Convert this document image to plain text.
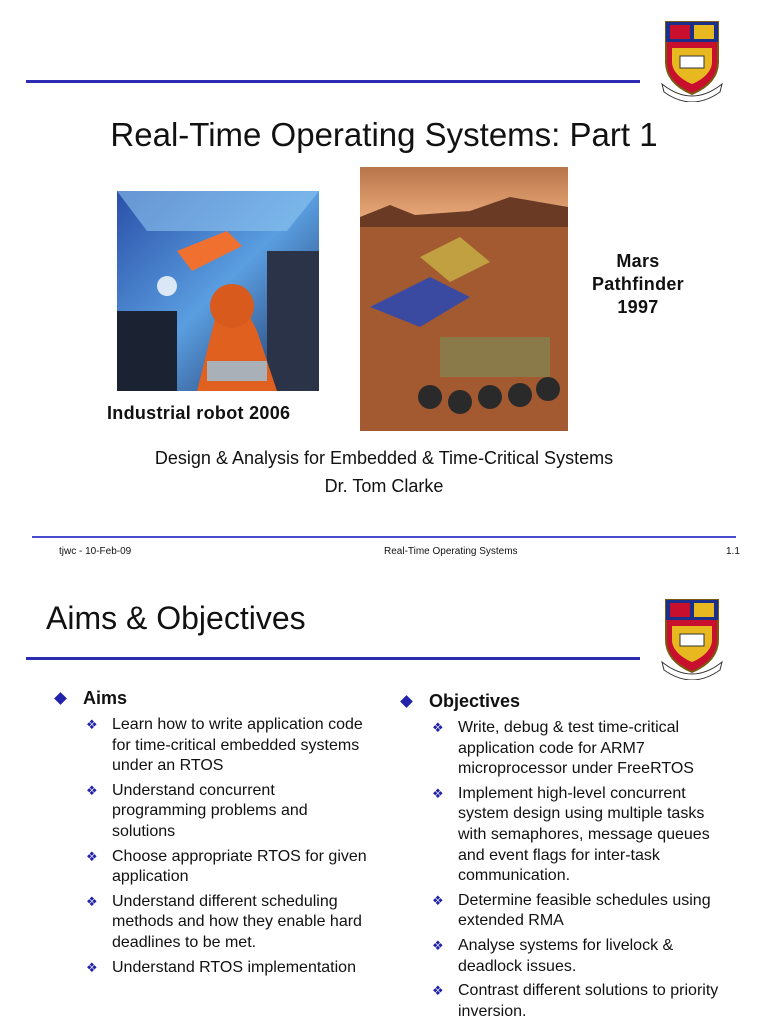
Real-Time Operating Systems: Part 1
Mars
Pathfinder
1997
Industrial robot 2006
Design & Analysis for Embedded & Time-Critical Systems
Dr. Tom Clarke
tjwc - 10-Feb-09	Real-Time Operating Systems	1.1
Aims & Objectives
Aims
❖ Learn how to write application code for time-critical embedded systems under an RTOS
❖ Understand concurrent programming problems and solutions
❖ Choose appropriate RTOS for given application
❖ Understand different scheduling methods and how they enable hard deadlines to be met.
❖ Understand RTOS implementation
Objectives
❖ Write, debug & test time-critical application code for ARM7 microprocessor under FreeRTOS
❖ Implement high-level concurrent system design using multiple tasks with semaphores, message queues and event flags for inter-task communication.
❖ Determine feasible schedules using extended RMA
❖ Analyse systems for livelock & deadlock issues.
❖ Contrast different solutions to priority inversion.
